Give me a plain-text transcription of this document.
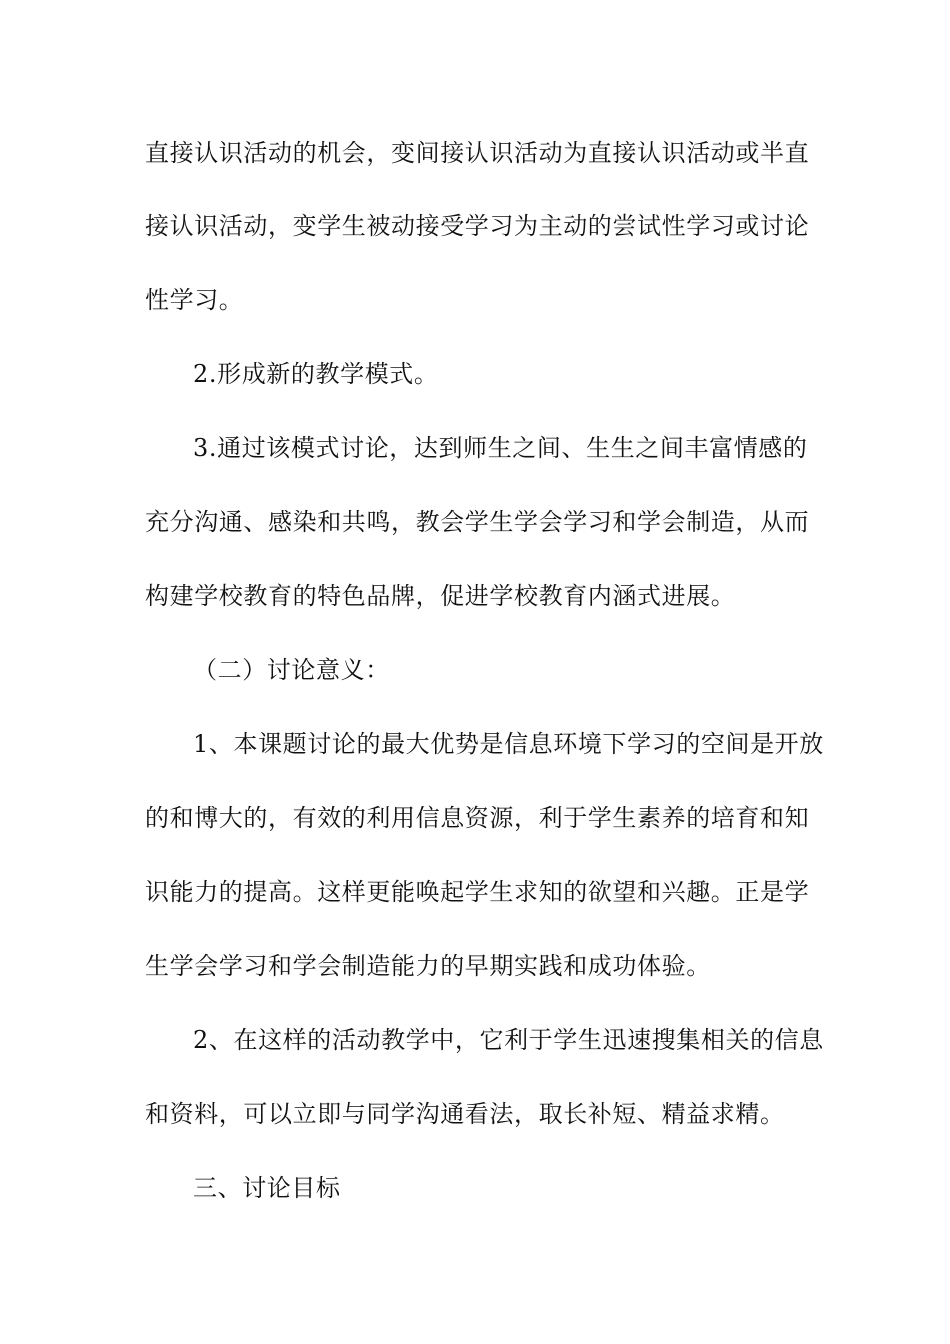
直接认识活动的机会，变间接认识活动为直接认识活动或半直
接认识活动，变学生被动接受学习为主动的尝试性学习或讨论
性学习。
2.形成新的教学模式。
3.通过该模式讨论，达到师生之间、生生之间丰富情感的
充分沟通、感染和共鸣，教会学生学会学习和学会制造，从而
构建学校教育的特色品牌，促进学校教育内涵式进展。
（二）讨论意义：
1、本课题讨论的最大优势是信息环境下学习的空间是开放
的和博大的，有效的利用信息资源，利于学生素养的培育和知
识能力的提高。这样更能唤起学生求知的欲望和兴趣。正是学
生学会学习和学会制造能力的早期实践和成功体验。
2、在这样的活动教学中，它利于学生迅速搜集相关的信息
和资料，可以立即与同学沟通看法，取长补短、精益求精。
三、讨论目标
